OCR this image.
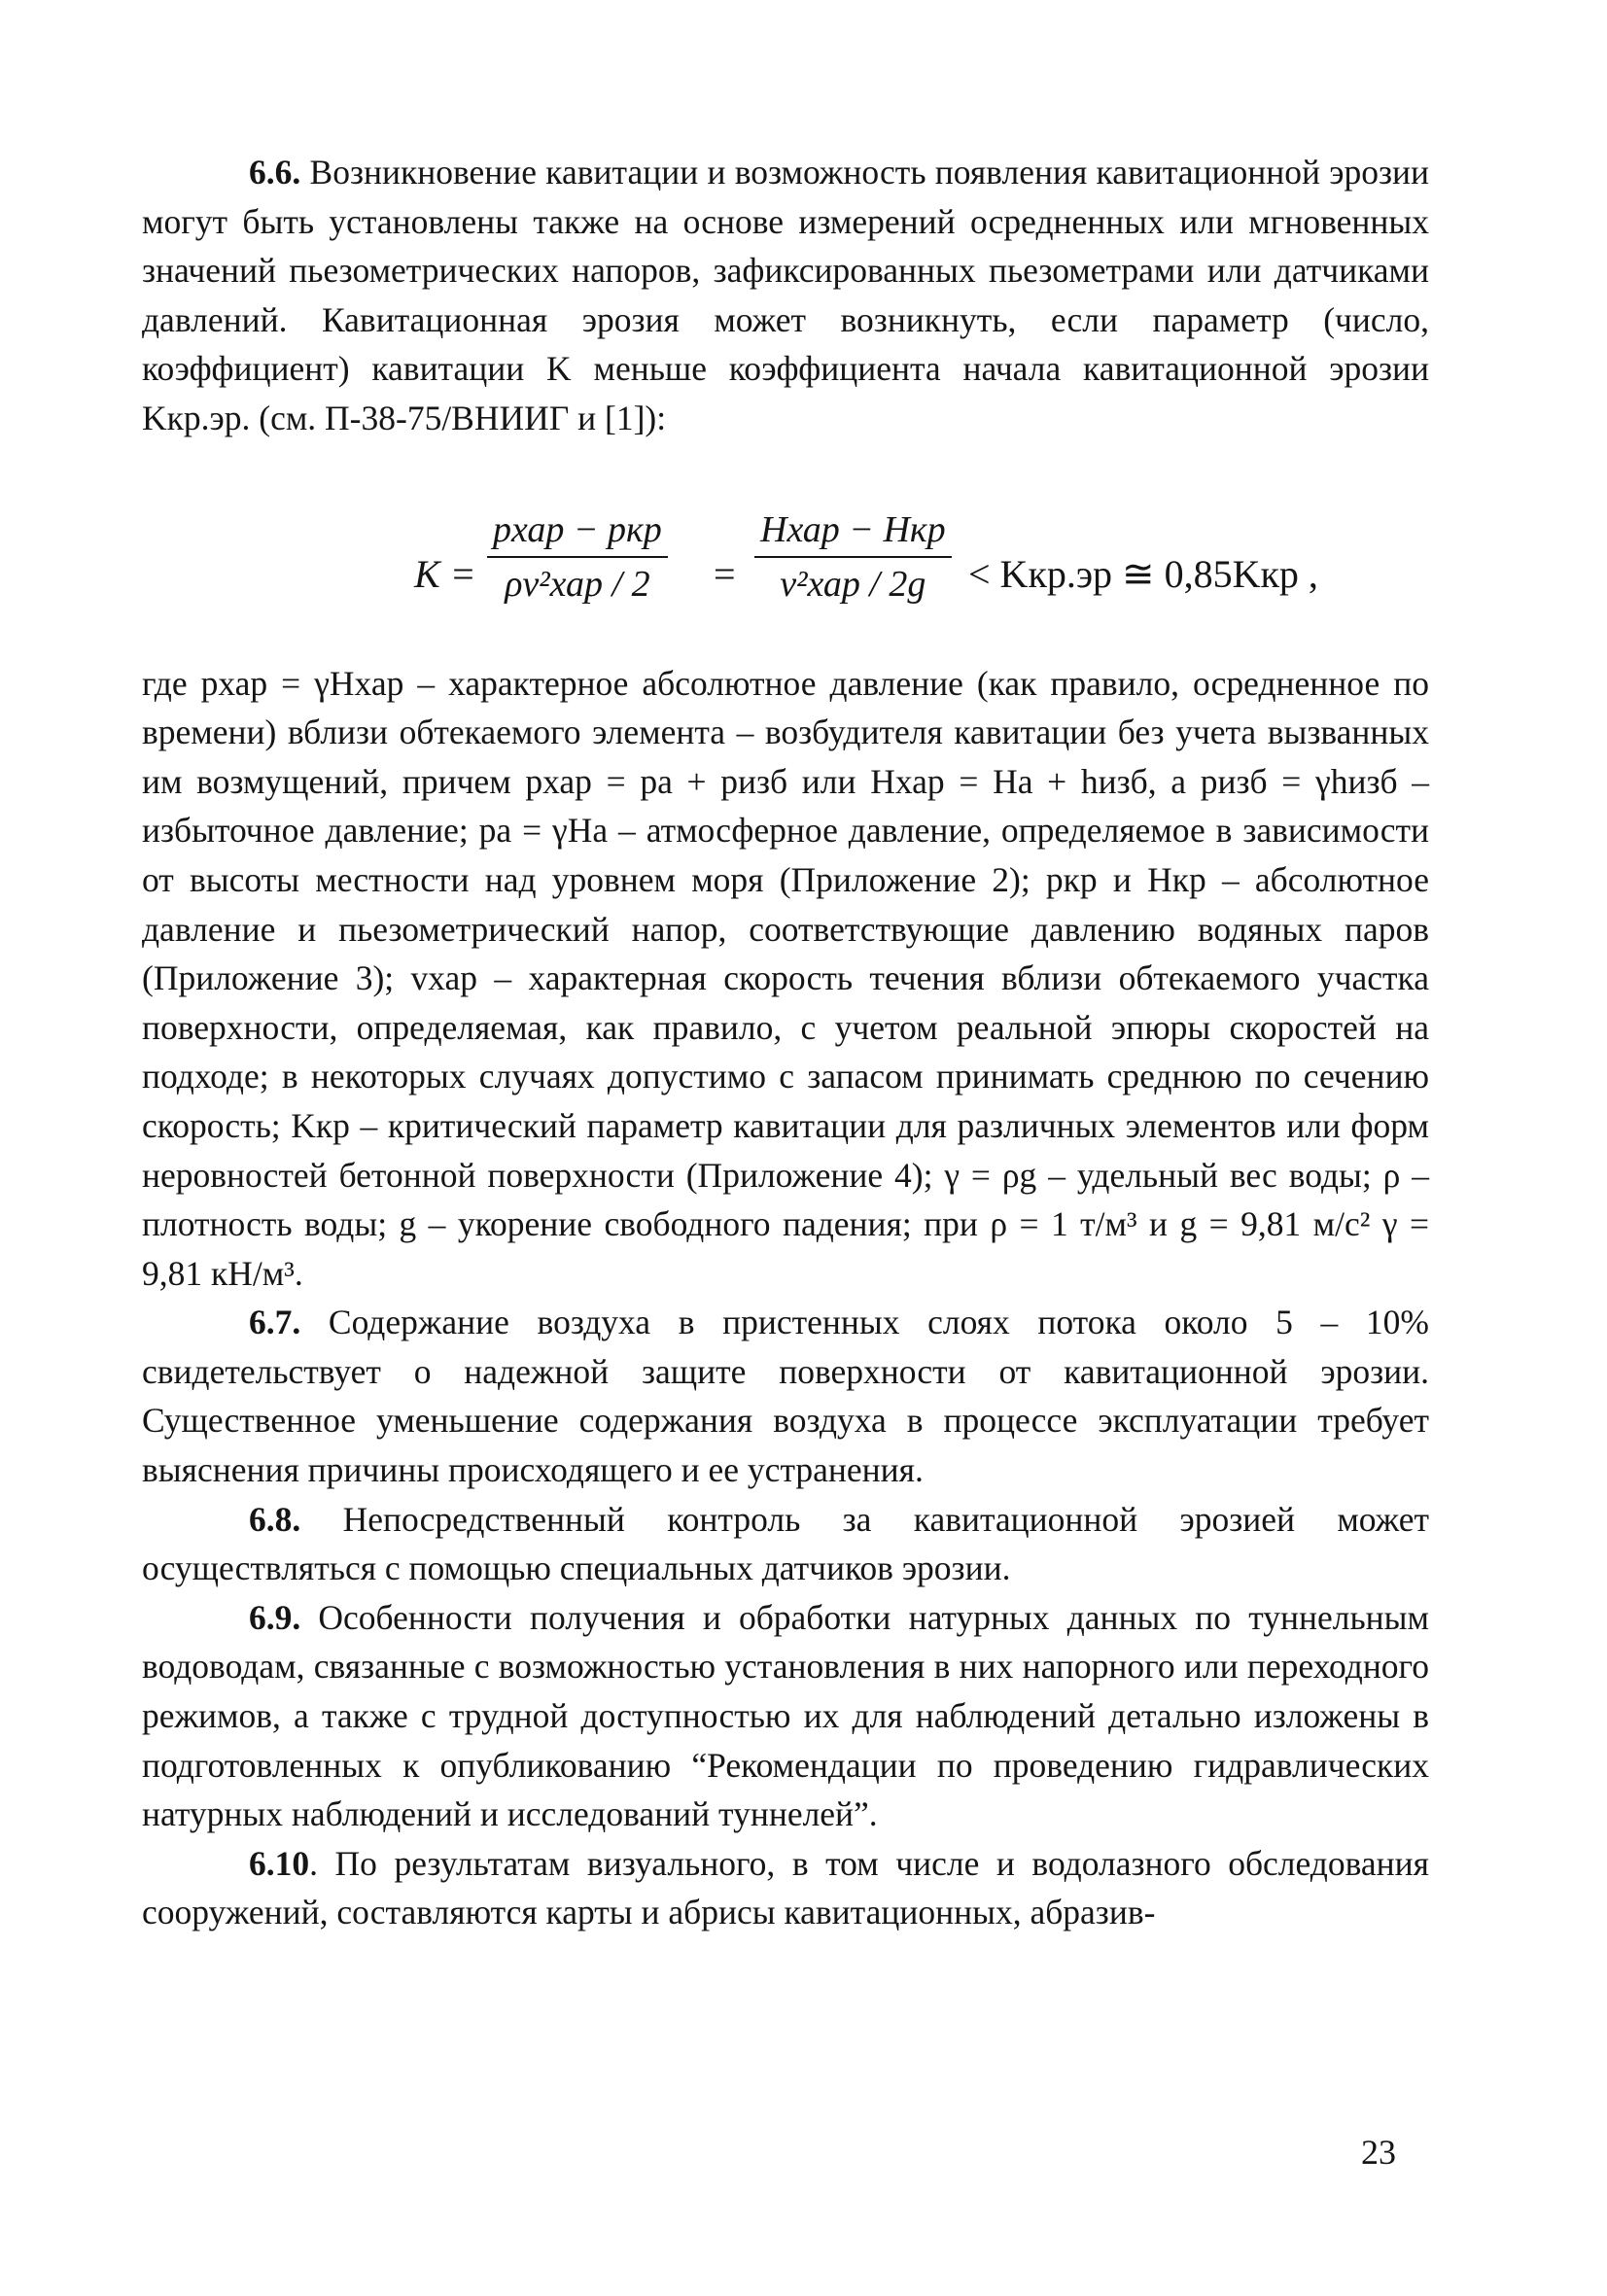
6.6. Возникновение кавитации и возможность появления кавитационной эрозии могут быть установлены также на основе измерений осредненных или мгновенных значений пьезометрических напоров, зафиксированных пьезометрами или датчиками давлений. Кавитационная эрозия может возникнуть, если параметр (число, коэффициент) кавитации K меньше коэффициента начала кавитационной эрозии Kкр.эр. (см. П-38-75/ВНИИГ и [1]):

K =
pхар − pкр
ρv²хар / 2	=
Hхар − Hкр
v²хар / 2g	< Kкр.эр ≅ 0,85Kкр ,

где pхар = γHхар – характерное абсолютное давление (как правило, осредненное по времени) вблизи обтекаемого элемента – возбудителя кавитации без учета вызванных им возмущений, причем pхар = pа + pизб или Hхар = Hа + hизб, а pизб = γhизб – избыточное давление; pа = γHа – атмосферное давление, определяемое в зависимости от высоты местности над уровнем моря (Приложение 2); pкр и Hкр – абсолютное давление и пьезометрический напор, соответствующие давлению водяных паров (Приложение 3); vхар – характерная скорость течения вблизи обтекаемого участка поверхности, определяемая, как правило, с учетом реальной эпюры скоростей на подходе; в некоторых случаях допустимо с запасом принимать среднюю по сечению скорость; Kкр – критический параметр кавитации для различных элементов или форм неровностей бетонной поверхности (Приложение 4); γ = ρg – удельный вес воды; ρ – плотность воды; g – укорение свободного падения; при ρ = 1 т/м³ и g = 9,81 м/с² γ = 9,81 кН/м³.

6.7. Содержание воздуха в пристенных слоях потока около 5 – 10% свидетельствует о надежной защите поверхности от кавитационной эрозии. Существенное уменьшение содержания воздуха в процессе эксплуатации требует выяснения причины происходящего и ее устранения.

6.8. Непосредственный контроль за кавитационной эрозией может осуществляться с помощью специальных датчиков эрозии.

6.9. Особенности получения и обработки натурных данных по туннельным водоводам, связанные с возможностью установления в них напорного или переходного режимов, а также с трудной доступностью их для наблюдений детально изложены в подготовленных к опубликованию “Рекомендации по проведению гидравлических натурных наблюдений и исследований туннелей”.

6.10. По результатам визуального, в том числе и водолазного обследования сооружений, составляются карты и абрисы кавитационных, абразив-

23
